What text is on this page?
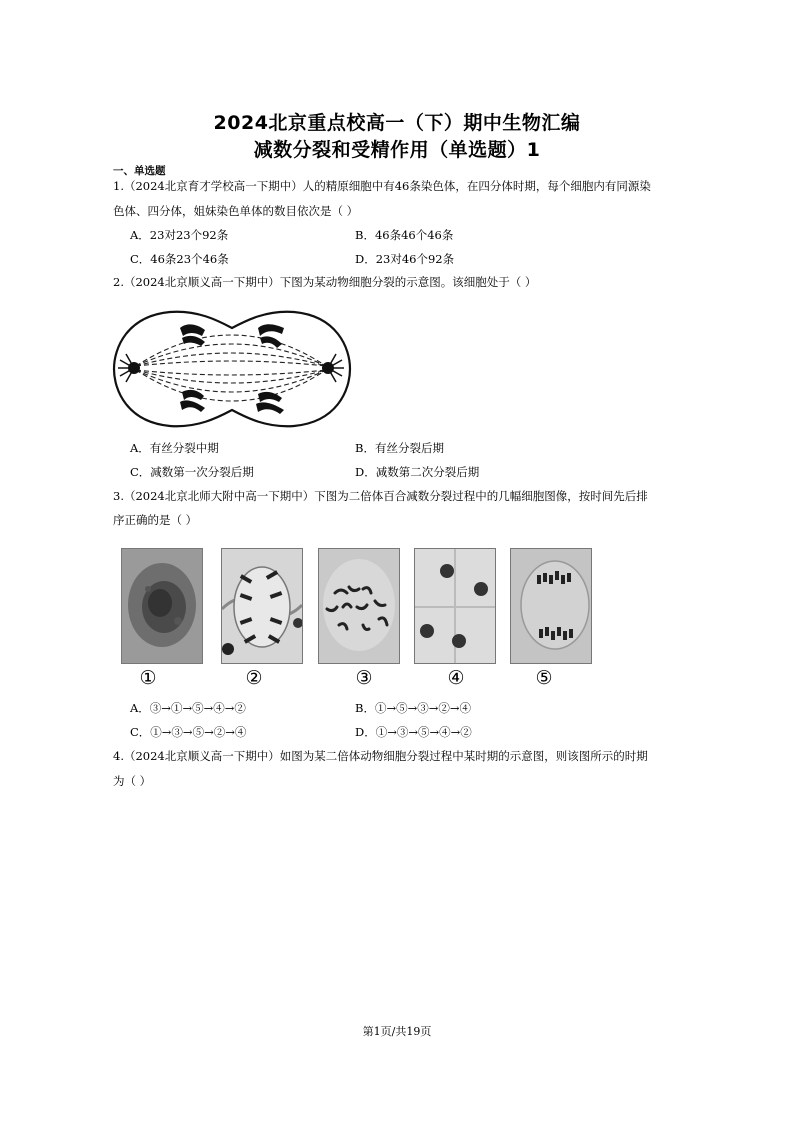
2024北京重点校高一（下）期中生物汇编
减数分裂和受精作用（单选题）1
一、单选题
1.（2024北京育才学校高一下期中）人的精原细胞中有46条染色体，在四分体时期，每个细胞内有同源染
色体、四分体，姐妹染色单体的数目依次是（ ）
A．23对23个92条	B．46条46个46条
C．46条23个46条	D．23对46个92条
2.（2024北京顺义高一下期中）下图为某动物细胞分裂的示意图。该细胞处于（ ）
A．有丝分裂中期	B．有丝分裂后期
C．减数第一次分裂后期	D．减数第二次分裂后期
3.（2024北京北师大附中高一下期中）下图为二倍体百合减数分裂过程中的几幅细胞图像，按时间先后排
序正确的是（ ）
①	②	③	④	⑤
A．③→①→⑤→④→②	B．①→⑤→③→②→④
C．①→③→⑤→②→④	D．①→③→⑤→④→②
4.（2024北京顺义高一下期中）如图为某二倍体动物细胞分裂过程中某时期的示意图，则该图所示的时期
为（ ）
第1页/共19页
